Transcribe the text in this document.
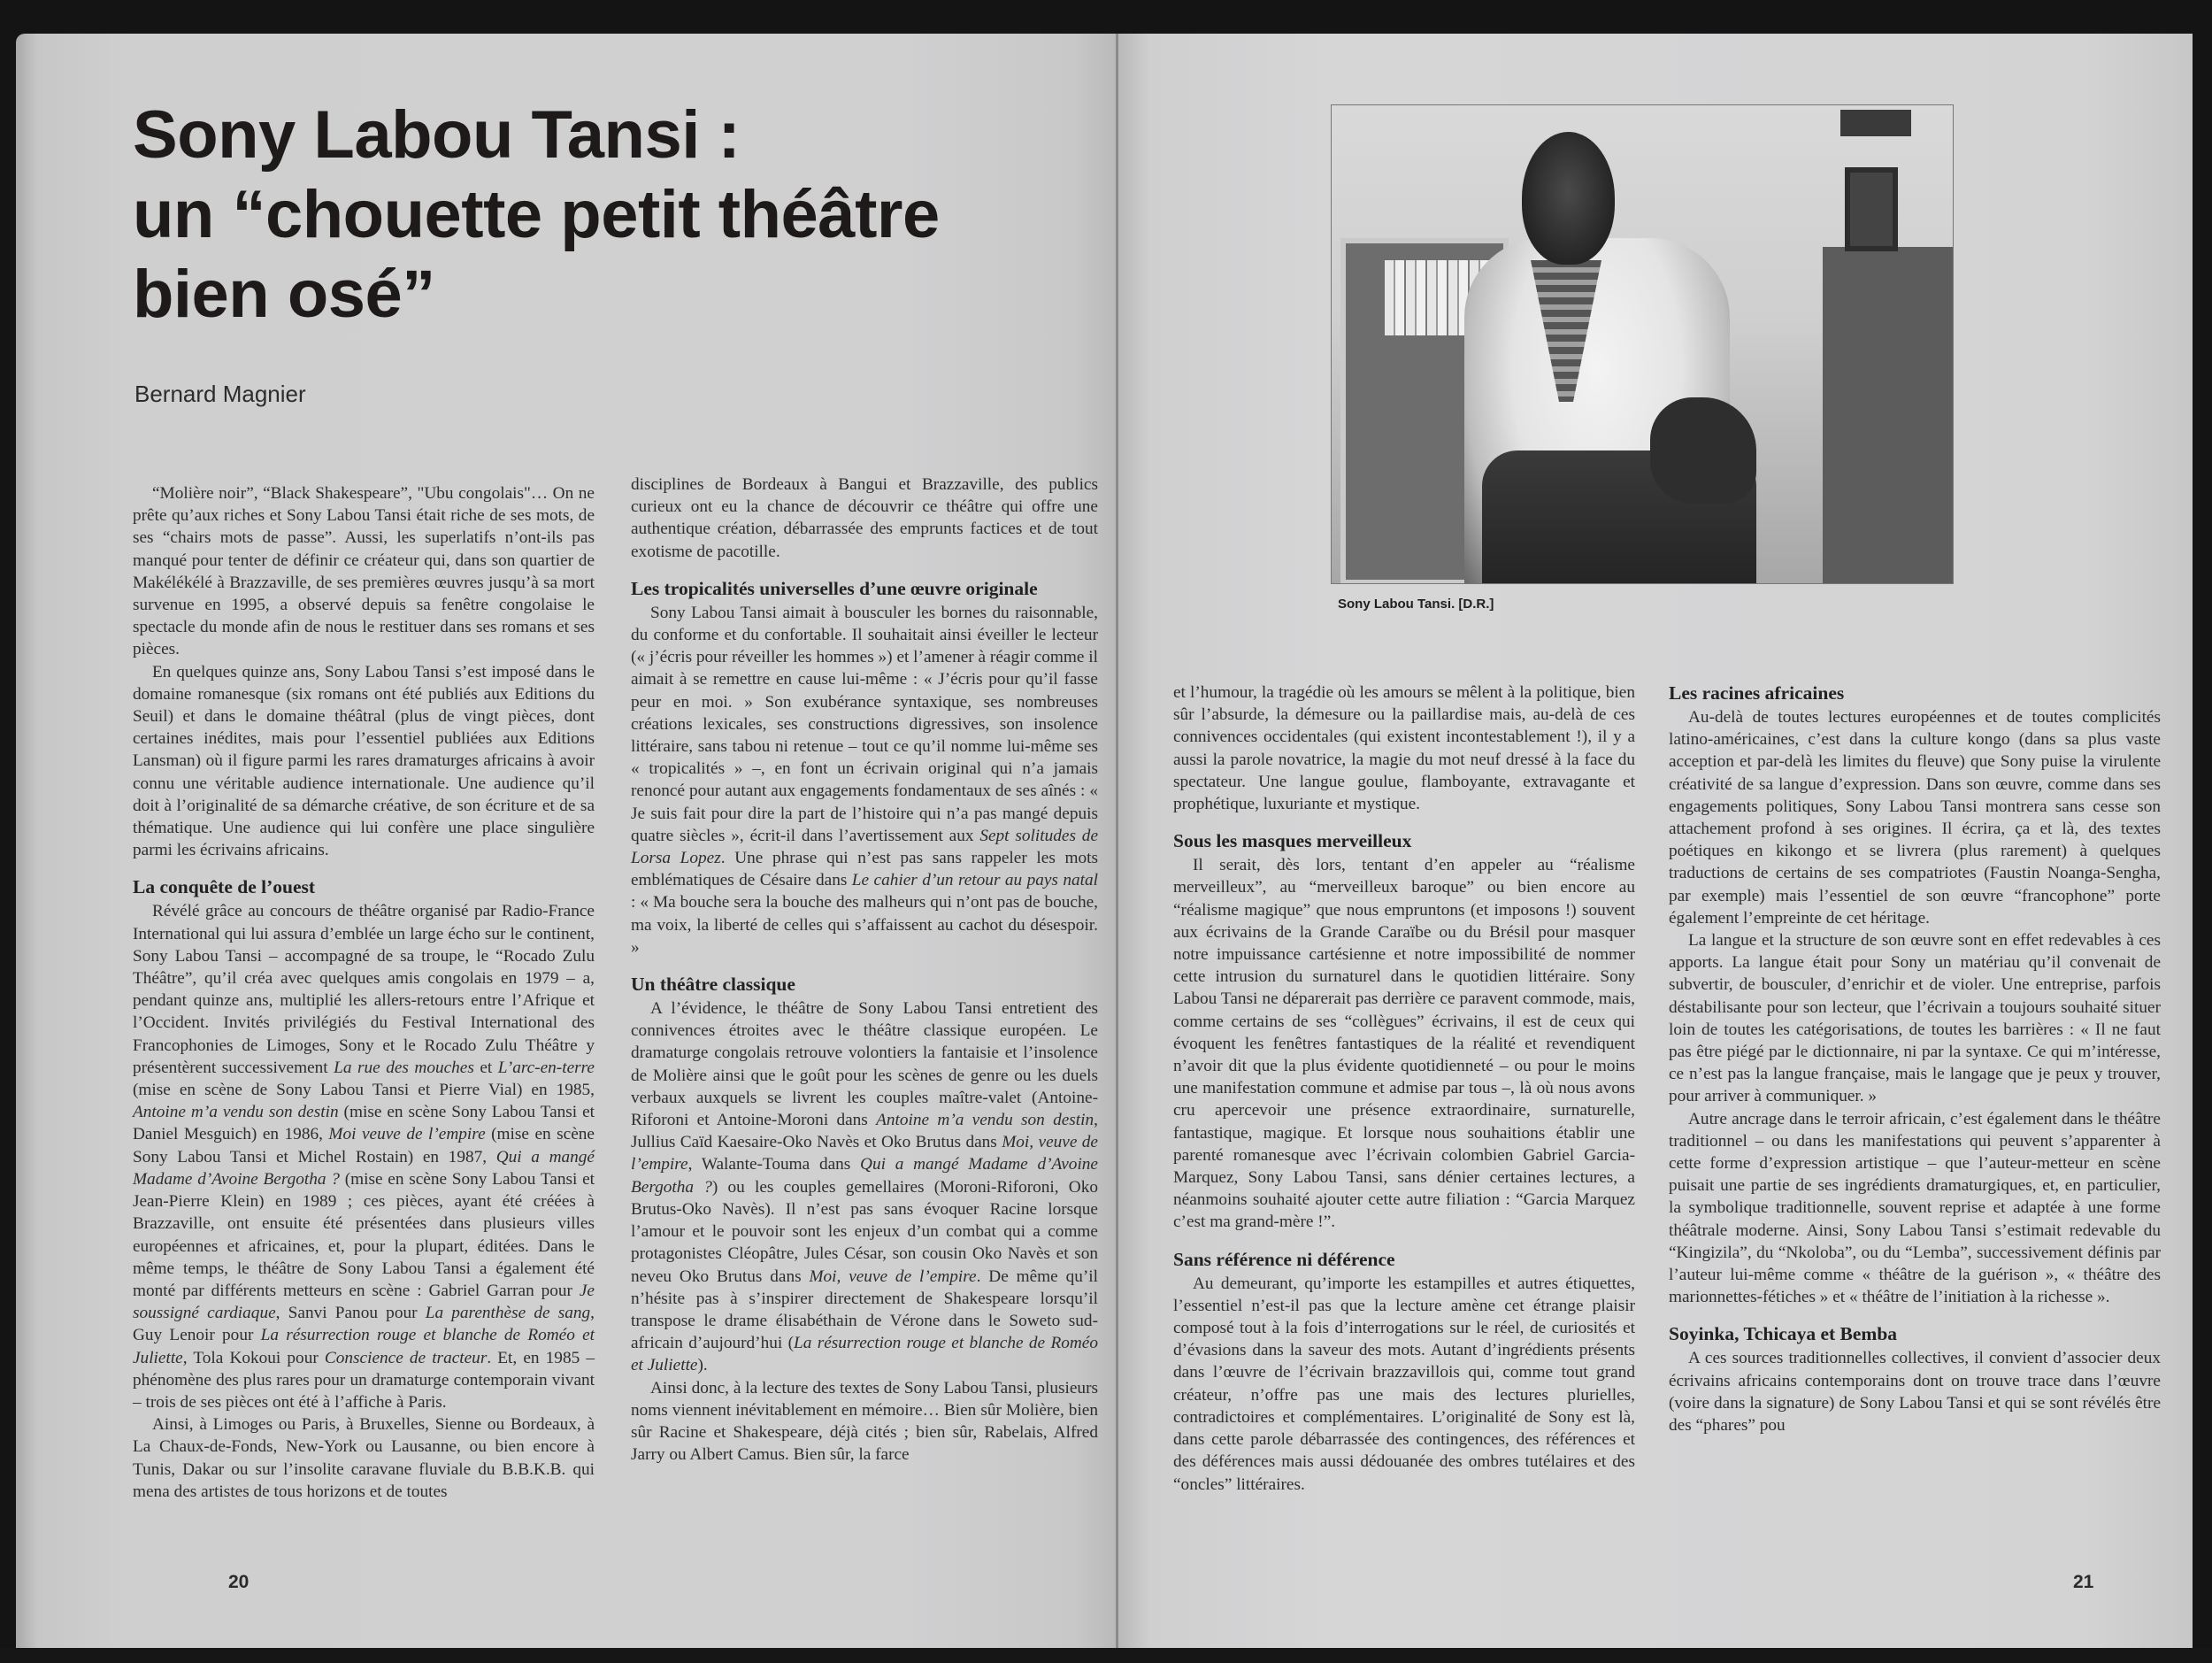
Sony Labou Tansi :
un “chouette petit théâtre
bien osé”
Bernard Magnier

“Molière noir”, “Black Shakespeare”, "Ubu congolais"… On ne prête qu’aux riches et Sony Labou Tansi était riche de ses mots, de ses “chairs mots de passe”. Aussi, les superlatifs n’ont-ils pas manqué pour tenter de définir ce créateur qui, dans son quartier de Makélékélé à Brazzaville, de ses premières œuvres jusqu’à sa mort survenue en 1995, a observé depuis sa fenêtre congolaise le spectacle du monde afin de nous le restituer dans ses romans et ses pièces.

En quelques quinze ans, Sony Labou Tansi s’est imposé dans le domaine romanesque (six romans ont été publiés aux Editions du Seuil) et dans le domaine théâtral (plus de vingt pièces, dont certaines inédites, mais pour l’essentiel publiées aux Editions Lansman) où il figure parmi les rares dramaturges africains à avoir connu une véritable audience internationale. Une audience qu’il doit à l’originalité de sa démarche créative, de son écriture et de sa thématique. Une audience qui lui confère une place singulière parmi les écrivains africains.

La conquête de l’ouest

Révélé grâce au concours de théâtre organisé par Radio-France International qui lui assura d’emblée un large écho sur le continent, Sony Labou Tansi – accompagné de sa troupe, le “Rocado Zulu Théâtre”, qu’il créa avec quelques amis congolais en 1979 – a, pendant quinze ans, multiplié les allers-retours entre l’Afrique et l’Occident. Invités privilégiés du Festival International des Francophonies de Limoges, Sony et le Rocado Zulu Théâtre y présentèrent successivement La rue des mouches et L’arc-en-terre (mise en scène de Sony Labou Tansi et Pierre Vial) en 1985, Antoine m’a vendu son destin (mise en scène Sony Labou Tansi et Daniel Mesguich) en 1986, Moi veuve de l’empire (mise en scène Sony Labou Tansi et Michel Rostain) en 1987, Qui a mangé Madame d’Avoine Bergotha ? (mise en scène Sony Labou Tansi et Jean-Pierre Klein) en 1989 ; ces pièces, ayant été créées à Brazzaville, ont ensuite été présentées dans plusieurs villes européennes et africaines, et, pour la plupart, éditées. Dans le même temps, le théâtre de Sony Labou Tansi a également été monté par différents metteurs en scène : Gabriel Garran pour Je soussigné cardiaque, Sanvi Panou pour La parenthèse de sang, Guy Lenoir pour La résurrection rouge et blanche de Roméo et Juliette, Tola Kokoui pour Conscience de tracteur. Et, en 1985 – phénomène des plus rares pour un dramaturge contemporain vivant – trois de ses pièces ont été à l’affiche à Paris.

Ainsi, à Limoges ou Paris, à Bruxelles, Sienne ou Bordeaux, à La Chaux-de-Fonds, New-York ou Lausanne, ou bien encore à Tunis, Dakar ou sur l’insolite caravane fluviale du B.B.K.B. qui mena des artistes de tous horizons et de toutes

disciplines de Bordeaux à Bangui et Brazzaville, des publics curieux ont eu la chance de découvrir ce théâtre qui offre une authentique création, débarrassée des emprunts factices et de tout exotisme de pacotille.

Les tropicalités universelles d’une œuvre originale

Sony Labou Tansi aimait à bousculer les bornes du raisonnable, du conforme et du confortable. Il souhaitait ainsi éveiller le lecteur (« j’écris pour réveiller les hommes ») et l’amener à réagir comme il aimait à se remettre en cause lui-même : « J’écris pour qu’il fasse peur en moi. » Son exubérance syntaxique, ses nombreuses créations lexicales, ses constructions digressives, son insolence littéraire, sans tabou ni retenue – tout ce qu’il nomme lui-même ses « tropicalités » –, en font un écrivain original qui n’a jamais renoncé pour autant aux engagements fondamentaux de ses aînés : « Je suis fait pour dire la part de l’histoire qui n’a pas mangé depuis quatre siècles », écrit-il dans l’avertissement aux Sept solitudes de Lorsa Lopez. Une phrase qui n’est pas sans rappeler les mots emblématiques de Césaire dans Le cahier d’un retour au pays natal : « Ma bouche sera la bouche des malheurs qui n’ont pas de bouche, ma voix, la liberté de celles qui s’affaissent au cachot du désespoir. »

Un théâtre classique

A l’évidence, le théâtre de Sony Labou Tansi entretient des connivences étroites avec le théâtre classique européen. Le dramaturge congolais retrouve volontiers la fantaisie et l’insolence de Molière ainsi que le goût pour les scènes de genre ou les duels verbaux auxquels se livrent les couples maître-valet (Antoine-Riforoni et Antoine-Moroni dans Antoine m’a vendu son destin, Jullius Caïd Kaesaire-Oko Navès et Oko Brutus dans Moi, veuve de l’empire, Walante-Touma dans Qui a mangé Madame d’Avoine Bergotha ?) ou les couples gemellaires (Moroni-Riforoni, Oko Brutus-Oko Navès). Il n’est pas sans évoquer Racine lorsque l’amour et le pouvoir sont les enjeux d’un combat qui a comme protagonistes Cléopâtre, Jules César, son cousin Oko Navès et son neveu Oko Brutus dans Moi, veuve de l’empire. De même qu’il n’hésite pas à s’inspirer directement de Shakespeare lorsqu’il transpose le drame élisabéthain de Vérone dans le Soweto sud-africain d’aujourd’hui (La résurrection rouge et blanche de Roméo et Juliette).

Ainsi donc, à la lecture des textes de Sony Labou Tansi, plusieurs noms viennent inévitablement en mémoire… Bien sûr Molière, bien sûr Racine et Shakespeare, déjà cités ; bien sûr, Rabelais, Alfred Jarry ou Albert Camus. Bien sûr, la farce

Sony Labou Tansi. [D.R.]

et l’humour, la tragédie où les amours se mêlent à la politique, bien sûr l’absurde, la démesure ou la paillardise mais, au-delà de ces connivences occidentales (qui existent incontestablement !), il y a aussi la parole novatrice, la magie du mot neuf dressé à la face du spectateur. Une langue goulue, flamboyante, extravagante et prophétique, luxuriante et mystique.

Sous les masques merveilleux

Il serait, dès lors, tentant d’en appeler au “réalisme merveilleux”, au “merveilleux baroque” ou bien encore au “réalisme magique” que nous empruntons (et imposons !) souvent aux écrivains de la Grande Caraïbe ou du Brésil pour masquer notre impuissance cartésienne et notre impossibilité de nommer cette intrusion du surnaturel dans le quotidien littéraire. Sony Labou Tansi ne déparerait pas derrière ce paravent commode, mais, comme certains de ses “collègues” écrivains, il est de ceux qui évoquent les fenêtres fantastiques de la réalité et revendiquent n’avoir dit que la plus évidente quotidienneté – ou pour le moins une manifestation commune et admise par tous –, là où nous avons cru apercevoir une présence extraordinaire, surnaturelle, fantastique, magique. Et lorsque nous souhaitions établir une parenté romanesque avec l’écrivain colombien Gabriel Garcia-Marquez, Sony Labou Tansi, sans dénier certaines lectures, a néanmoins souhaité ajouter cette autre filiation : “Garcia Marquez c’est ma grand-mère !”.

Sans référence ni déférence

Au demeurant, qu’importe les estampilles et autres étiquettes, l’essentiel n’est-il pas que la lecture amène cet étrange plaisir composé tout à la fois d’interrogations sur le réel, de curiosités et d’évasions dans la saveur des mots. Autant d’ingrédients présents dans l’œuvre de l’écrivain brazzavillois qui, comme tout grand créateur, n’offre pas une mais des lectures plurielles, contradictoires et complémentaires. L’originalité de Sony est là, dans cette parole débarrassée des contingences, des références et des déférences mais aussi dédouanée des ombres tutélaires et des “oncles” littéraires.

Les racines africaines

Au-delà de toutes lectures européennes et de toutes complicités latino-américaines, c’est dans la culture kongo (dans sa plus vaste acception et par-delà les limites du fleuve) que Sony puise la virulente créativité de sa langue d’expression. Dans son œuvre, comme dans ses engagements politiques, Sony Labou Tansi montrera sans cesse son attachement profond à ses origines. Il écrira, ça et là, des textes poétiques en kikongo et se livrera (plus rarement) à quelques traductions de certains de ses compatriotes (Faustin Noanga-Sengha, par exemple) mais l’essentiel de son œuvre “francophone” porte également l’empreinte de cet héritage.

La langue et la structure de son œuvre sont en effet redevables à ces apports. La langue était pour Sony un matériau qu’il convenait de subvertir, de bousculer, d’enrichir et de violer. Une entreprise, parfois déstabilisante pour son lecteur, que l’écrivain a toujours souhaité situer loin de toutes les catégorisations, de toutes les barrières : « Il ne faut pas être piégé par le dictionnaire, ni par la syntaxe. Ce qui m’intéresse, ce n’est pas la langue française, mais le langage que je peux y trouver, pour arriver à communiquer. »

Autre ancrage dans le terroir africain, c’est également dans le théâtre traditionnel – ou dans les manifestations qui peuvent s’apparenter à cette forme d’expression artistique – que l’auteur-metteur en scène puisait une partie de ses ingrédients dramaturgiques, et, en particulier, la symbolique traditionnelle, souvent reprise et adaptée à une forme théâtrale moderne. Ainsi, Sony Labou Tansi s’estimait redevable du “Kingizila”, du “Nkoloba”, ou du “Lemba”, successivement définis par l’auteur lui-même comme « théâtre de la guérison », « théâtre des marionnettes-fétiches » et « théâtre de l’initiation à la richesse ».

Soyinka, Tchicaya et Bemba

A ces sources traditionnelles collectives, il convient d’associer deux écrivains africains contemporains dont on trouve trace dans l’œuvre (voire dans la signature) de Sony Labou Tansi et qui se sont révélés être des “phares” pou

20	21
